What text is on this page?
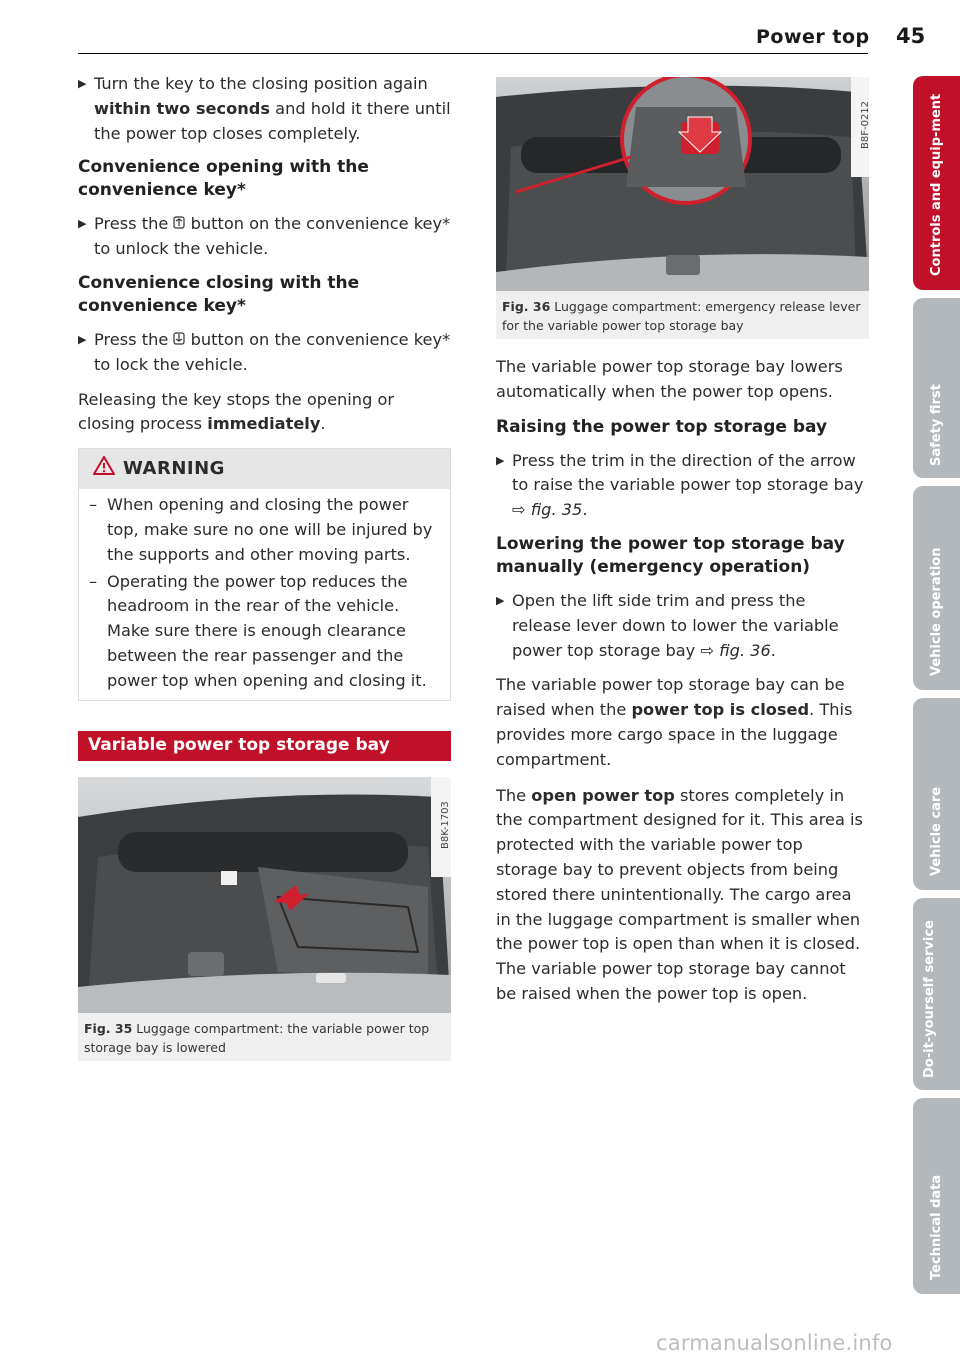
Power top 45
▶ Turn the key to the closing position again within two seconds and hold it there until the power top closes completely.
Convenience opening with the convenience key*
▶ Press the  button on the convenience key* to unlock the vehicle.
Convenience closing with the convenience key*
▶ Press the  button on the convenience key* to lock the vehicle.

Releasing the key stops the opening or closing process immediately.

WARNING
– When opening and closing the power top, make sure no one will be injured by the supports and other moving parts.
– Operating the power top reduces the headroom in the rear of the vehicle. Make sure there is enough clearance between the rear passenger and the power top when opening and closing it.
Variable power top storage bay
B8K-1703
Fig. 35 Luggage compartment: the variable power top storage bay is lowered
B8F-0212
Fig. 36 Luggage compartment: emergency release lever for the variable power top storage bay

The variable power top storage bay lowers automatically when the power top opens.

Raising the power top storage bay
▶ Press the trim in the direction of the arrow to raise the variable power top storage bay ⇨ fig. 35.
Lowering the power top storage bay manually (emergency operation)
▶ Open the lift side trim and press the release lever down to lower the variable power top storage bay ⇨ fig. 36.

The variable power top storage bay can be raised when the power top is closed. This provides more cargo space in the luggage compartment.

The open power top stores completely in the compartment designed for it. This area is protected with the variable power top storage bay to prevent objects from being stored there unintentionally. The cargo area in the luggage compartment is smaller when the power top is open than when it is closed. The variable power top storage bay cannot be raised when the power top is open.

Controls and equip-ment
Safety first
Vehicle operation
Vehicle care
Do-it-yourself service
Technical data
carmanualsonline.info
